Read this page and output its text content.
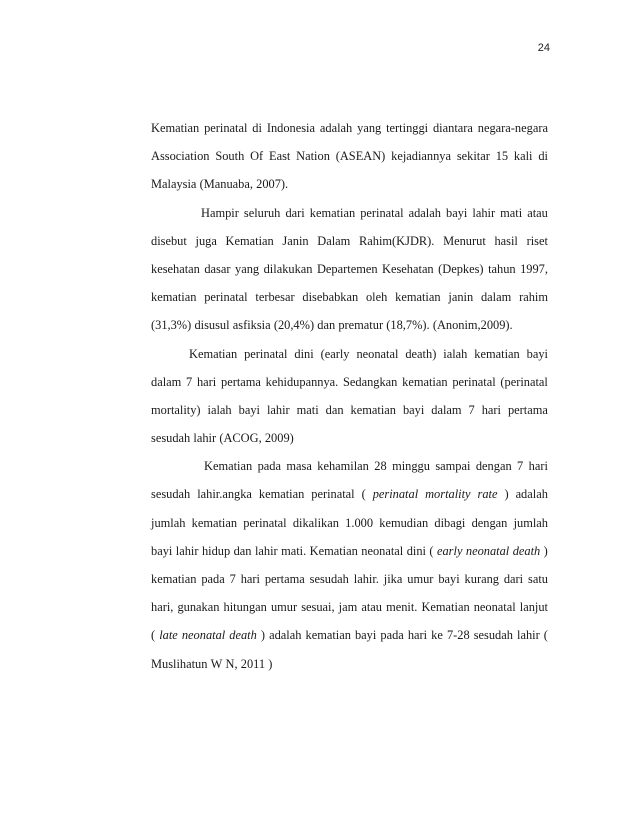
24
Kematian perinatal di Indonesia adalah yang tertinggi diantara negara-negara
Association South Of East Nation (ASEAN) kejadiannya sekitar 15 kali di
Malaysia (Manuaba, 2007).
Hampir seluruh dari kematian perinatal adalah bayi lahir mati atau
disebut juga Kematian Janin Dalam Rahim(KJDR). Menurut hasil riset
kesehatan dasar yang dilakukan Departemen Kesehatan (Depkes) tahun 1997,
kematian perinatal terbesar disebabkan oleh kematian janin dalam rahim
(31,3%) disusul asfiksia (20,4%) dan prematur (18,7%). (Anonim,2009).
Kematian perinatal dini (early neonatal death) ialah kematian bayi
dalam 7 hari pertama kehidupannya. Sedangkan kematian perinatal (perinatal
mortality) ialah bayi lahir mati dan kematian bayi dalam 7 hari pertama
sesudah lahir (ACOG, 2009)
Kematian pada masa kehamilan 28 minggu sampai dengan 7 hari
sesudah lahir.angka kematian perinatal ( perinatal mortality rate ) adalah
jumlah kematian perinatal dikalikan 1.000 kemudian dibagi dengan jumlah
bayi lahir hidup dan lahir mati. Kematian neonatal dini ( early neonatal death )
kematian pada 7 hari pertama sesudah lahir. jika umur bayi kurang dari satu
hari, gunakan hitungan umur sesuai, jam atau menit. Kematian neonatal lanjut
( late neonatal death ) adalah kematian bayi pada hari ke 7-28 sesudah lahir (
Muslihatun W N, 2011 )
